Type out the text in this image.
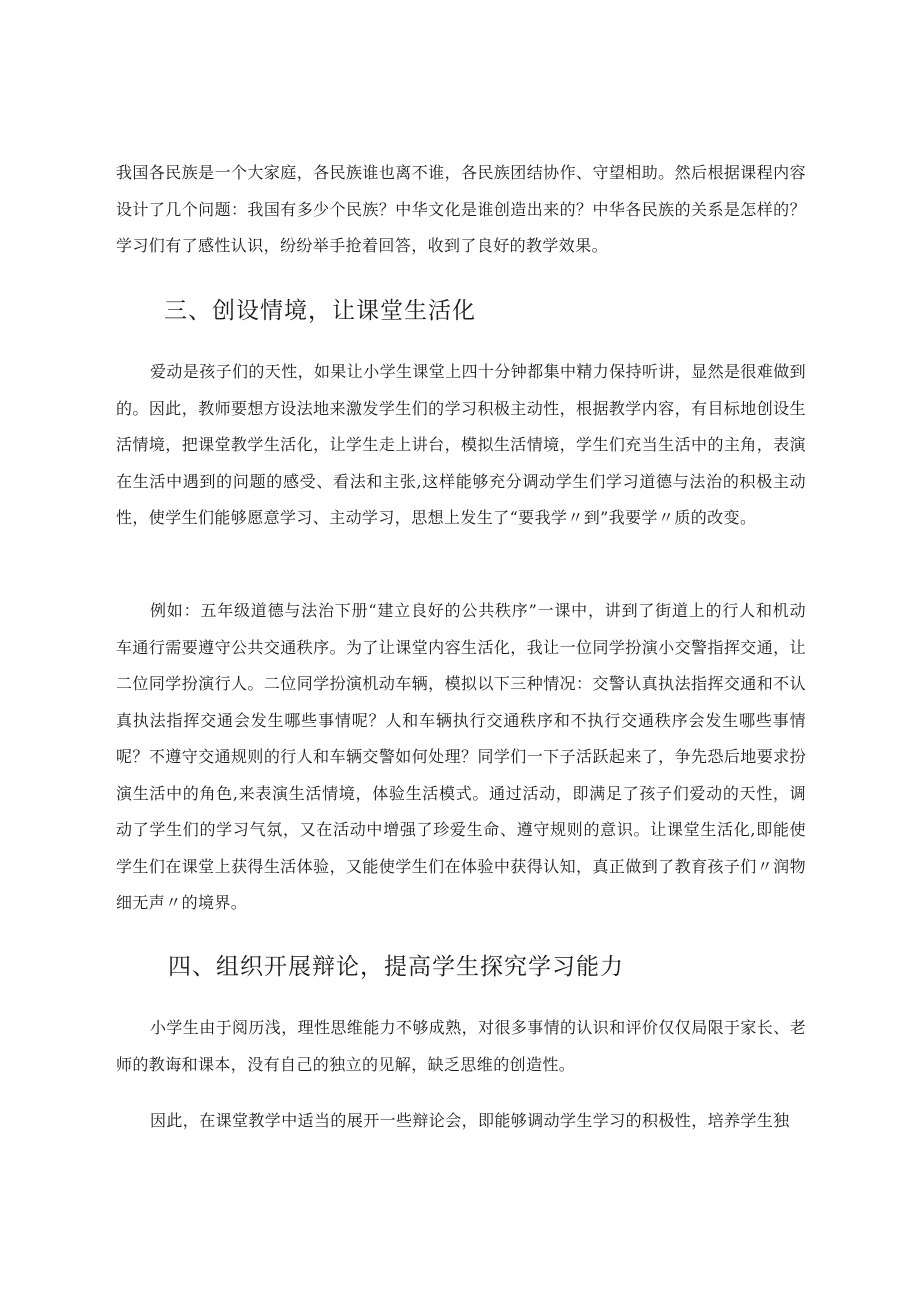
我国各民族是一个大家庭，各民族谁也离不谁，各民族团结协作、守望相助。然后根据课程内容设计了几个问题：我国有多少个民族？中华文化是谁创造出来的？中华各民族的关系是怎样的？学习们有了感性认识，纷纷举手抢着回答，收到了良好的教学效果。

三、创设情境，让课堂生活化

爱动是孩子们的天性，如果让小学生课堂上四十分钟都集中精力保持听讲，显然是很难做到的。因此，教师要想方设法地来激发学生们的学习积极主动性，根据教学内容，有目标地创设生活情境，把课堂教学生活化，让学生走上讲台，模拟生活情境，学生们充当生活中的主角，表演在生活中遇到的问题的感受、看法和主张,这样能够充分调动学生们学习道德与法治的积极主动性，使学生们能够愿意学习、主动学习，思想上发生了“要我学〃到”我要学〃质的改变。

例如：五年级道德与法治下册“建立良好的公共秩序”一课中，讲到了街道上的行人和机动车通行需要遵守公共交通秩序。为了让课堂内容生活化，我让一位同学扮演小交警指挥交通，让二位同学扮演行人。二位同学扮演机动车辆，模拟以下三种情况：交警认真执法指挥交通和不认真执法指挥交通会发生哪些事情呢？人和车辆执行交通秩序和不执行交通秩序会发生哪些事情呢？不遵守交通规则的行人和车辆交警如何处理？同学们一下子活跃起来了，争先恐后地要求扮演生活中的角色,来表演生活情境，体验生活模式。通过活动，即满足了孩子们爱动的天性，调动了学生们的学习气氛，又在活动中增强了珍爱生命、遵守规则的意识。让课堂生活化,即能使学生们在课堂上获得生活体验，又能使学生们在体验中获得认知，真正做到了教育孩子们〃润物细无声〃的境界。

四、组织开展辩论，提高学生探究学习能力

小学生由于阅历浅，理性思维能力不够成熟，对很多事情的认识和评价仅仅局限于家长、老师的教诲和课本，没有自己的独立的见解，缺乏思维的创造性。

因此，在课堂教学中适当的展开一些辩论会，即能够调动学生学习的积极性，培养学生独
